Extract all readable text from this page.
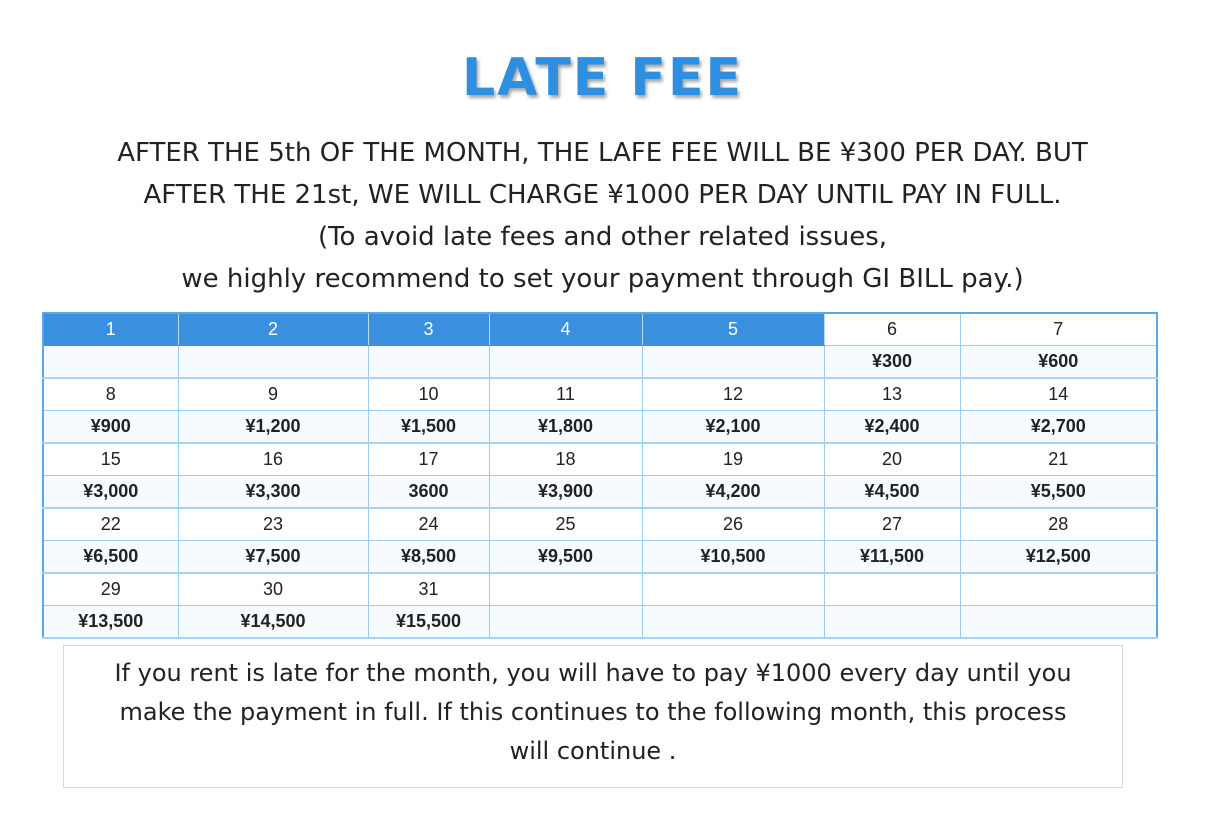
LATE FEE
AFTER THE 5th OF THE MONTH, THE LAFE FEE WILL BE ¥300 PER DAY. BUT
AFTER THE 21st, WE WILL CHARGE ¥1000 PER DAY UNTIL PAY IN FULL.
(To avoid late fees and other related issues,
we highly recommend to set your payment through GI BILL pay.)
1	2	3	4	5	6	7
					¥300	¥600
8	9	10	11	12	13	14
¥900	¥1,200	¥1,500	¥1,800	¥2,100	¥2,400	¥2,700
15	16	17	18	19	20	21
¥3,000	¥3,300	3600	¥3,900	¥4,200	¥4,500	¥5,500
22	23	24	25	26	27	28
¥6,500	¥7,500	¥8,500	¥9,500	¥10,500	¥11,500	¥12,500
29	30	31				
¥13,500	¥14,500	¥15,500				
If you rent is late for the month, you will have to pay ¥1000 every day until you
make the payment in full. If this continues to the following month, this process
will continue .
